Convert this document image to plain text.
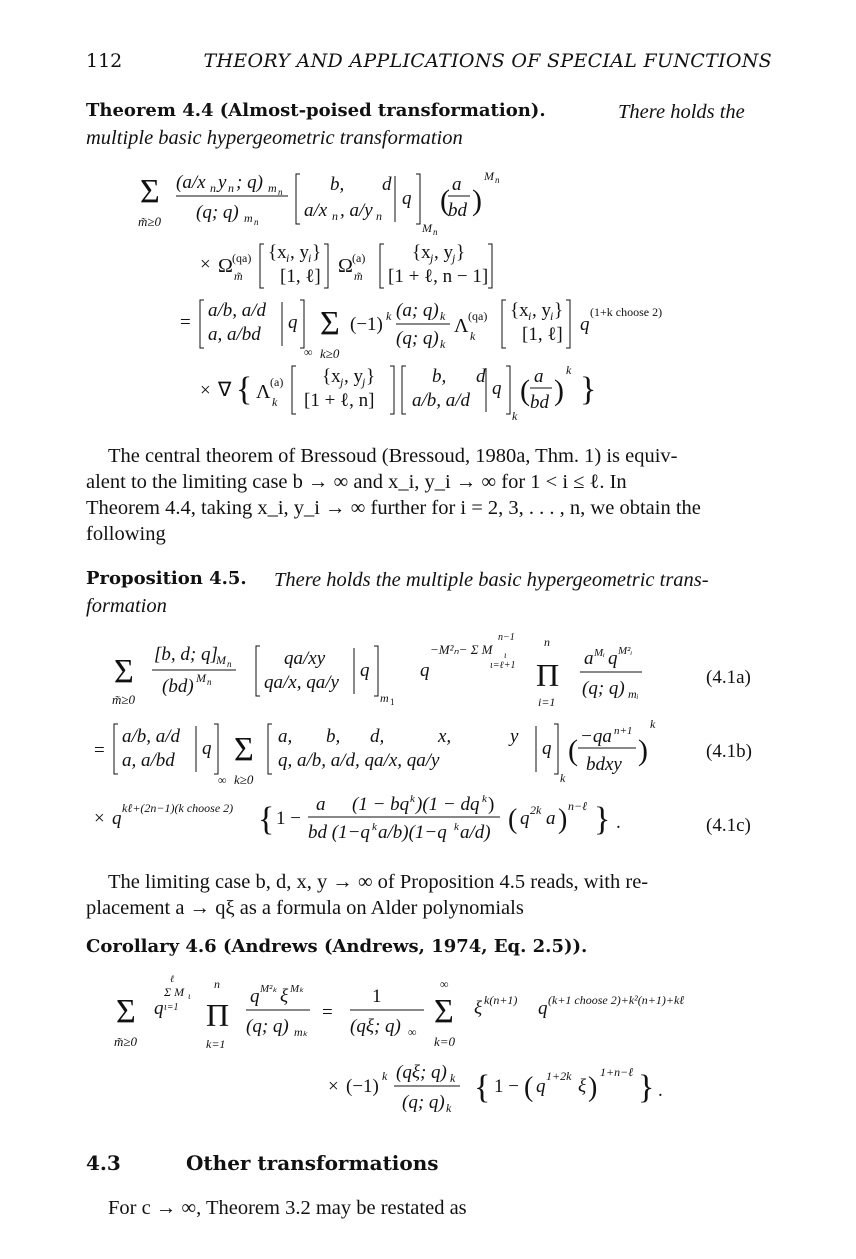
112	THEORY AND APPLICATIONS OF SPECIAL FUNCTIONS
Theorem 4.4 (Almost-poised transformation).	There holds the
multiple basic hypergeometric transformation
Σ
m̃≥0
(a/x n y n ; q) m n
(q; q) m n
b, d
a/x n , a/y n
q
M n
( a
bd )
M n
× Ω (qa)
m̃
{x i , y i }
[1, ℓ] Ω (a)
m̃
{x j , y j }
[1 + ℓ, n − 1]
=
a/b, a/d
a, a/bd
q
∞
Σ
k≥0
(−1) k (a; q) k
(q; q) k
Λ (qa)
k
{x i , y i }
[1, ℓ] q
(1+k choose 2)
× ∇ { Λ (a)
k
{x j , y j }
[1 + ℓ, n]
b, d
a/b, a/d
q
k
( a
bd )
k
}
The central theorem of Bressoud (Bressoud, 1980a, Thm. 1) is equiv-
alent to the limiting case b → ∞ and x_i, y_i → ∞ for 1 < i ≤ ℓ. In
Theorem 4.4, taking x_i, y_i → ∞ further for i = 2, 3, . . . , n, we obtain the
following
Proposition 4.5. There holds the multiple basic hypergeometric trans-
formation
Σ
m̃≥0
[b, d; q]
M n
(bd) M n
qa/xy
qa/x, qa/y
q
m 1
q
−M²ₙ− Σ M ι
n−1
ι=ℓ+1 Π
n
i=1
a Mᵢ q M²ᵢ
(q; q) mᵢ
=
a/b, a/d
a, a/bd
q
∞
Σ
k≥0
a, b, d,	x,	y
q, a/b, a/d, qa/x, qa/y
q
k
( −qa n+1
bdxy )
k
× q kℓ+(2n−1)(k choose 2) { 1 −
a (1 − bq k )(1 − dq k )
bd (1−q k a/b)(1−q k a/d) ( q 2k a ) n−ℓ } .
(4.1a)
(4.1b)
(4.1c)
The limiting case b, d, x, y → ∞ of Proposition 4.5 reads, with re-
placement a → qξ as a formula on Alder polynomials
Corollary 4.6 (Andrews (Andrews, 1974, Eq. 2.5)).
Σ
m̃≥0
q
Σ M ι
ℓ
ι=1 Π
n
k=1
q M²ₖ ξ Mₖ
(q; q) mₖ
=
1
(qξ; q) ∞
Σ
∞
k=0
ξ k(n+1) q (k+1 choose 2)+k²(n+1)+kℓ
× (−1) k (qξ; q) k
(q; q) k
{ 1 − ( q 1+2k ξ ) 1+n−ℓ } .
4.3	Other transformations
For c → ∞, Theorem 3.2 may be restated as
